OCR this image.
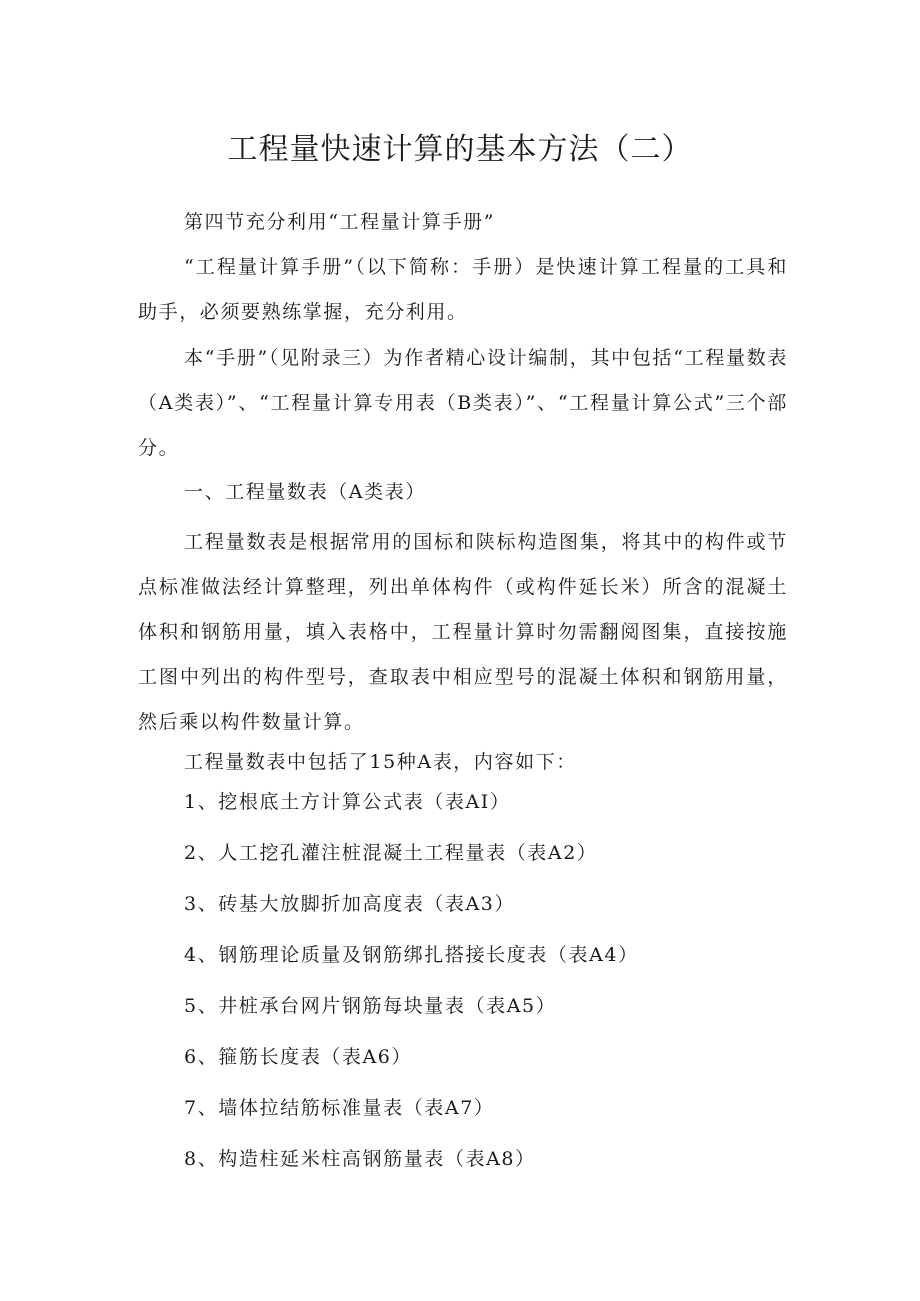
工程量快速计算的基本方法（二）

第四节充分利用“工程量计算手册”

“工程量计算手册”（以下简称：手册）是快速计算工程量的工具和助手，必须要熟练掌握，充分利用。

本“手册”（见附录三）为作者精心设计编制，其中包括“工程量数表（A类表）”、“工程量计算专用表（B类表）”、“工程量计算公式”三个部分。

一、工程量数表（A类表）

工程量数表是根据常用的国标和陕标构造图集，将其中的构件或节点标准做法经计算整理，列出单体构件（或构件延长米）所含的混凝土体积和钢筋用量，填入表格中，工程量计算时勿需翻阅图集，直接按施工图中列出的构件型号，查取表中相应型号的混凝土体积和钢筋用量，然后乘以构件数量计算。

工程量数表中包括了15种A表，内容如下：

1、挖根底土方计算公式表（表AI）

2、人工挖孔灌注桩混凝土工程量表（表A2）

3、砖基大放脚折加高度表（表A3）

4、钢筋理论质量及钢筋绑扎搭接长度表（表A4）

5、井桩承台网片钢筋每块量表（表A5）

6、箍筋长度表（表A6）

7、墙体拉结筋标准量表（表A7）

8、构造柱延米柱高钢筋量表（表A8）
